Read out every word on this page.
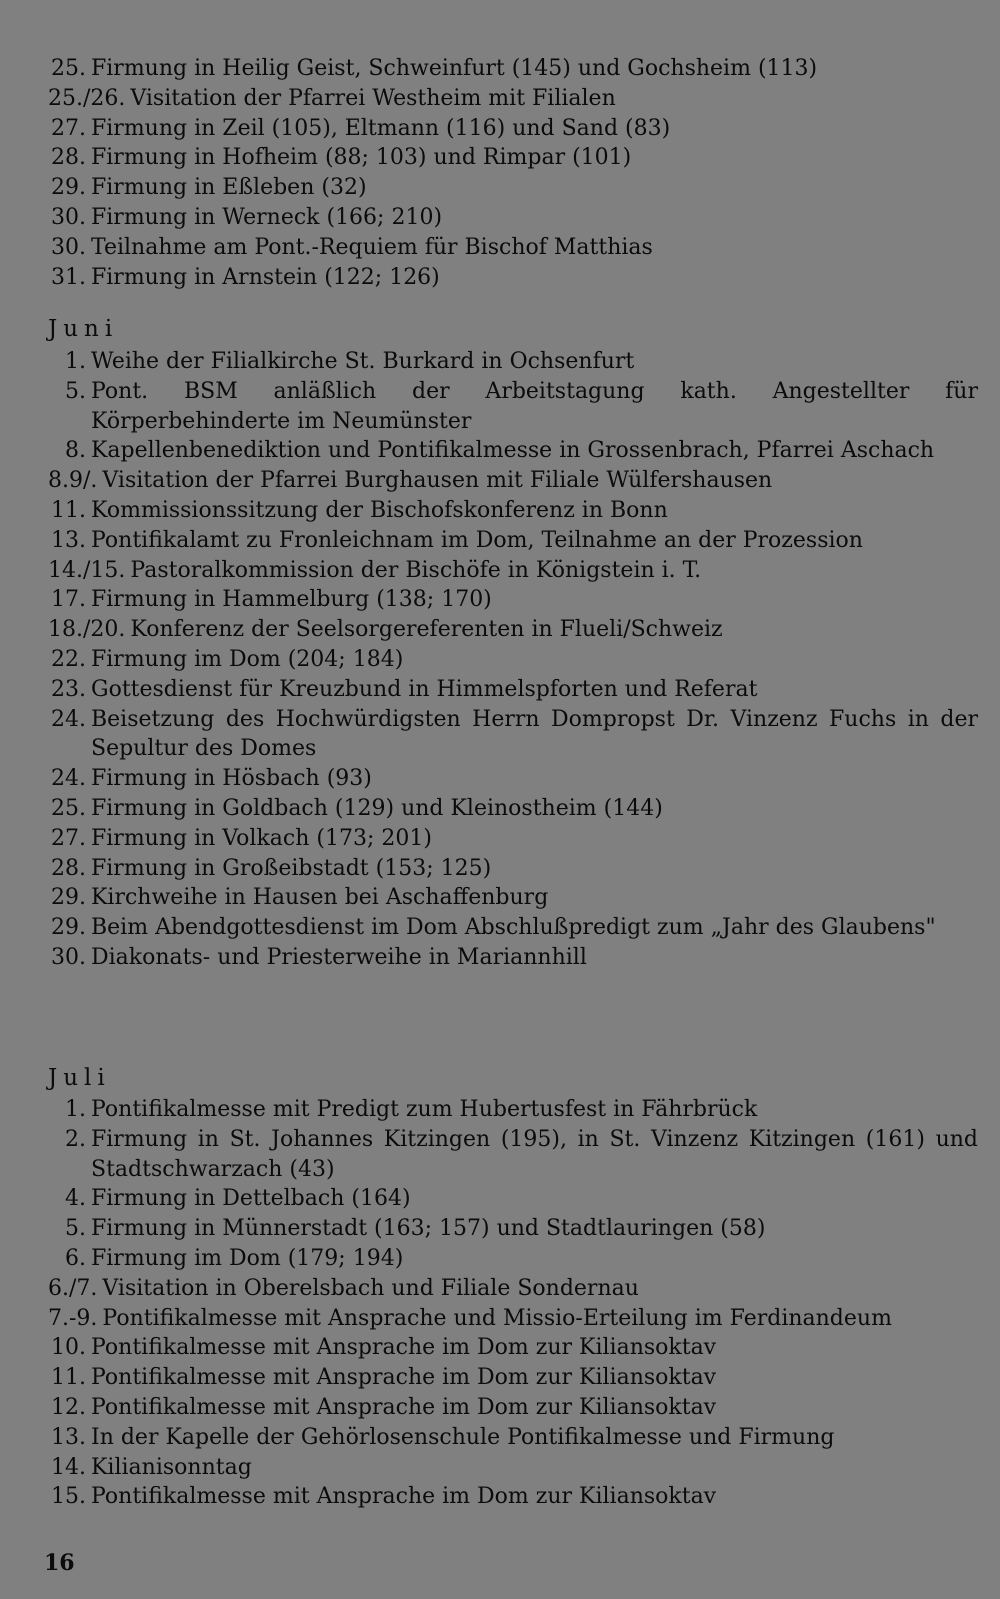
25. Firmung in Heilig Geist, Schweinfurt (145) und Gochsheim (113)
25./26. Visitation der Pfarrei Westheim mit Filialen
27. Firmung in Zeil (105), Eltmann (116) und Sand (83)
28. Firmung in Hofheim (88; 103) und Rimpar (101)
29. Firmung in Eßleben (32)
30. Firmung in Werneck (166; 210)
30. Teilnahme am Pont.-Requiem für Bischof Matthias
31. Firmung in Arnstein (122; 126)
Juni
1. Weihe der Filialkirche St. Burkard in Ochsenfurt
5. Pont. BSM anläßlich der Arbeitstagung kath. Angestellter für Körperbehinderte im Neumünster
8. Kapellenbenediktion und Pontifikalmesse in Grossenbrach, Pfarrei Aschach
8.9/. Visitation der Pfarrei Burghausen mit Filiale Wülfershausen
11. Kommissionssitzung der Bischofskonferenz in Bonn
13. Pontifikalamt zu Fronleichnam im Dom, Teilnahme an der Prozession
14./15. Pastoralkommission der Bischöfe in Königstein i. T.
17. Firmung in Hammelburg (138; 170)
18./20. Konferenz der Seelsorgereferenten in Flueli/Schweiz
22. Firmung im Dom (204; 184)
23. Gottesdienst für Kreuzbund in Himmelspforten und Referat
24. Beisetzung des Hochwürdigsten Herrn Dompropst Dr. Vinzenz Fuchs in der Sepultur des Domes
24. Firmung in Hösbach (93)
25. Firmung in Goldbach (129) und Kleinostheim (144)
27. Firmung in Volkach (173; 201)
28. Firmung in Großeibstadt (153; 125)
29. Kirchweihe in Hausen bei Aschaffenburg
29. Beim Abendgottesdienst im Dom Abschlußpredigt zum „Jahr des Glaubens"
30. Diakonats- und Priesterweihe in Mariannhill
Juli
1. Pontifikalmesse mit Predigt zum Hubertusfest in Fährbrück
2. Firmung in St. Johannes Kitzingen (195), in St. Vinzenz Kitzingen (161) und Stadtschwarzach (43)
4. Firmung in Dettelbach (164)
5. Firmung in Münnerstadt (163; 157) und Stadtlauringen (58)
6. Firmung im Dom (179; 194)
6./7. Visitation in Oberelsbach und Filiale Sondernau
7.-9. Pontifikalmesse mit Ansprache und Missio-Erteilung im Ferdinandeum
10. Pontifikalmesse mit Ansprache im Dom zur Kiliansoktav
11. Pontifikalmesse mit Ansprache im Dom zur Kiliansoktav
12. Pontifikalmesse mit Ansprache im Dom zur Kiliansoktav
13. In der Kapelle der Gehörlosenschule Pontifikalmesse und Firmung
14. Kilianisonntag
15. Pontifikalmesse mit Ansprache im Dom zur Kiliansoktav
16
